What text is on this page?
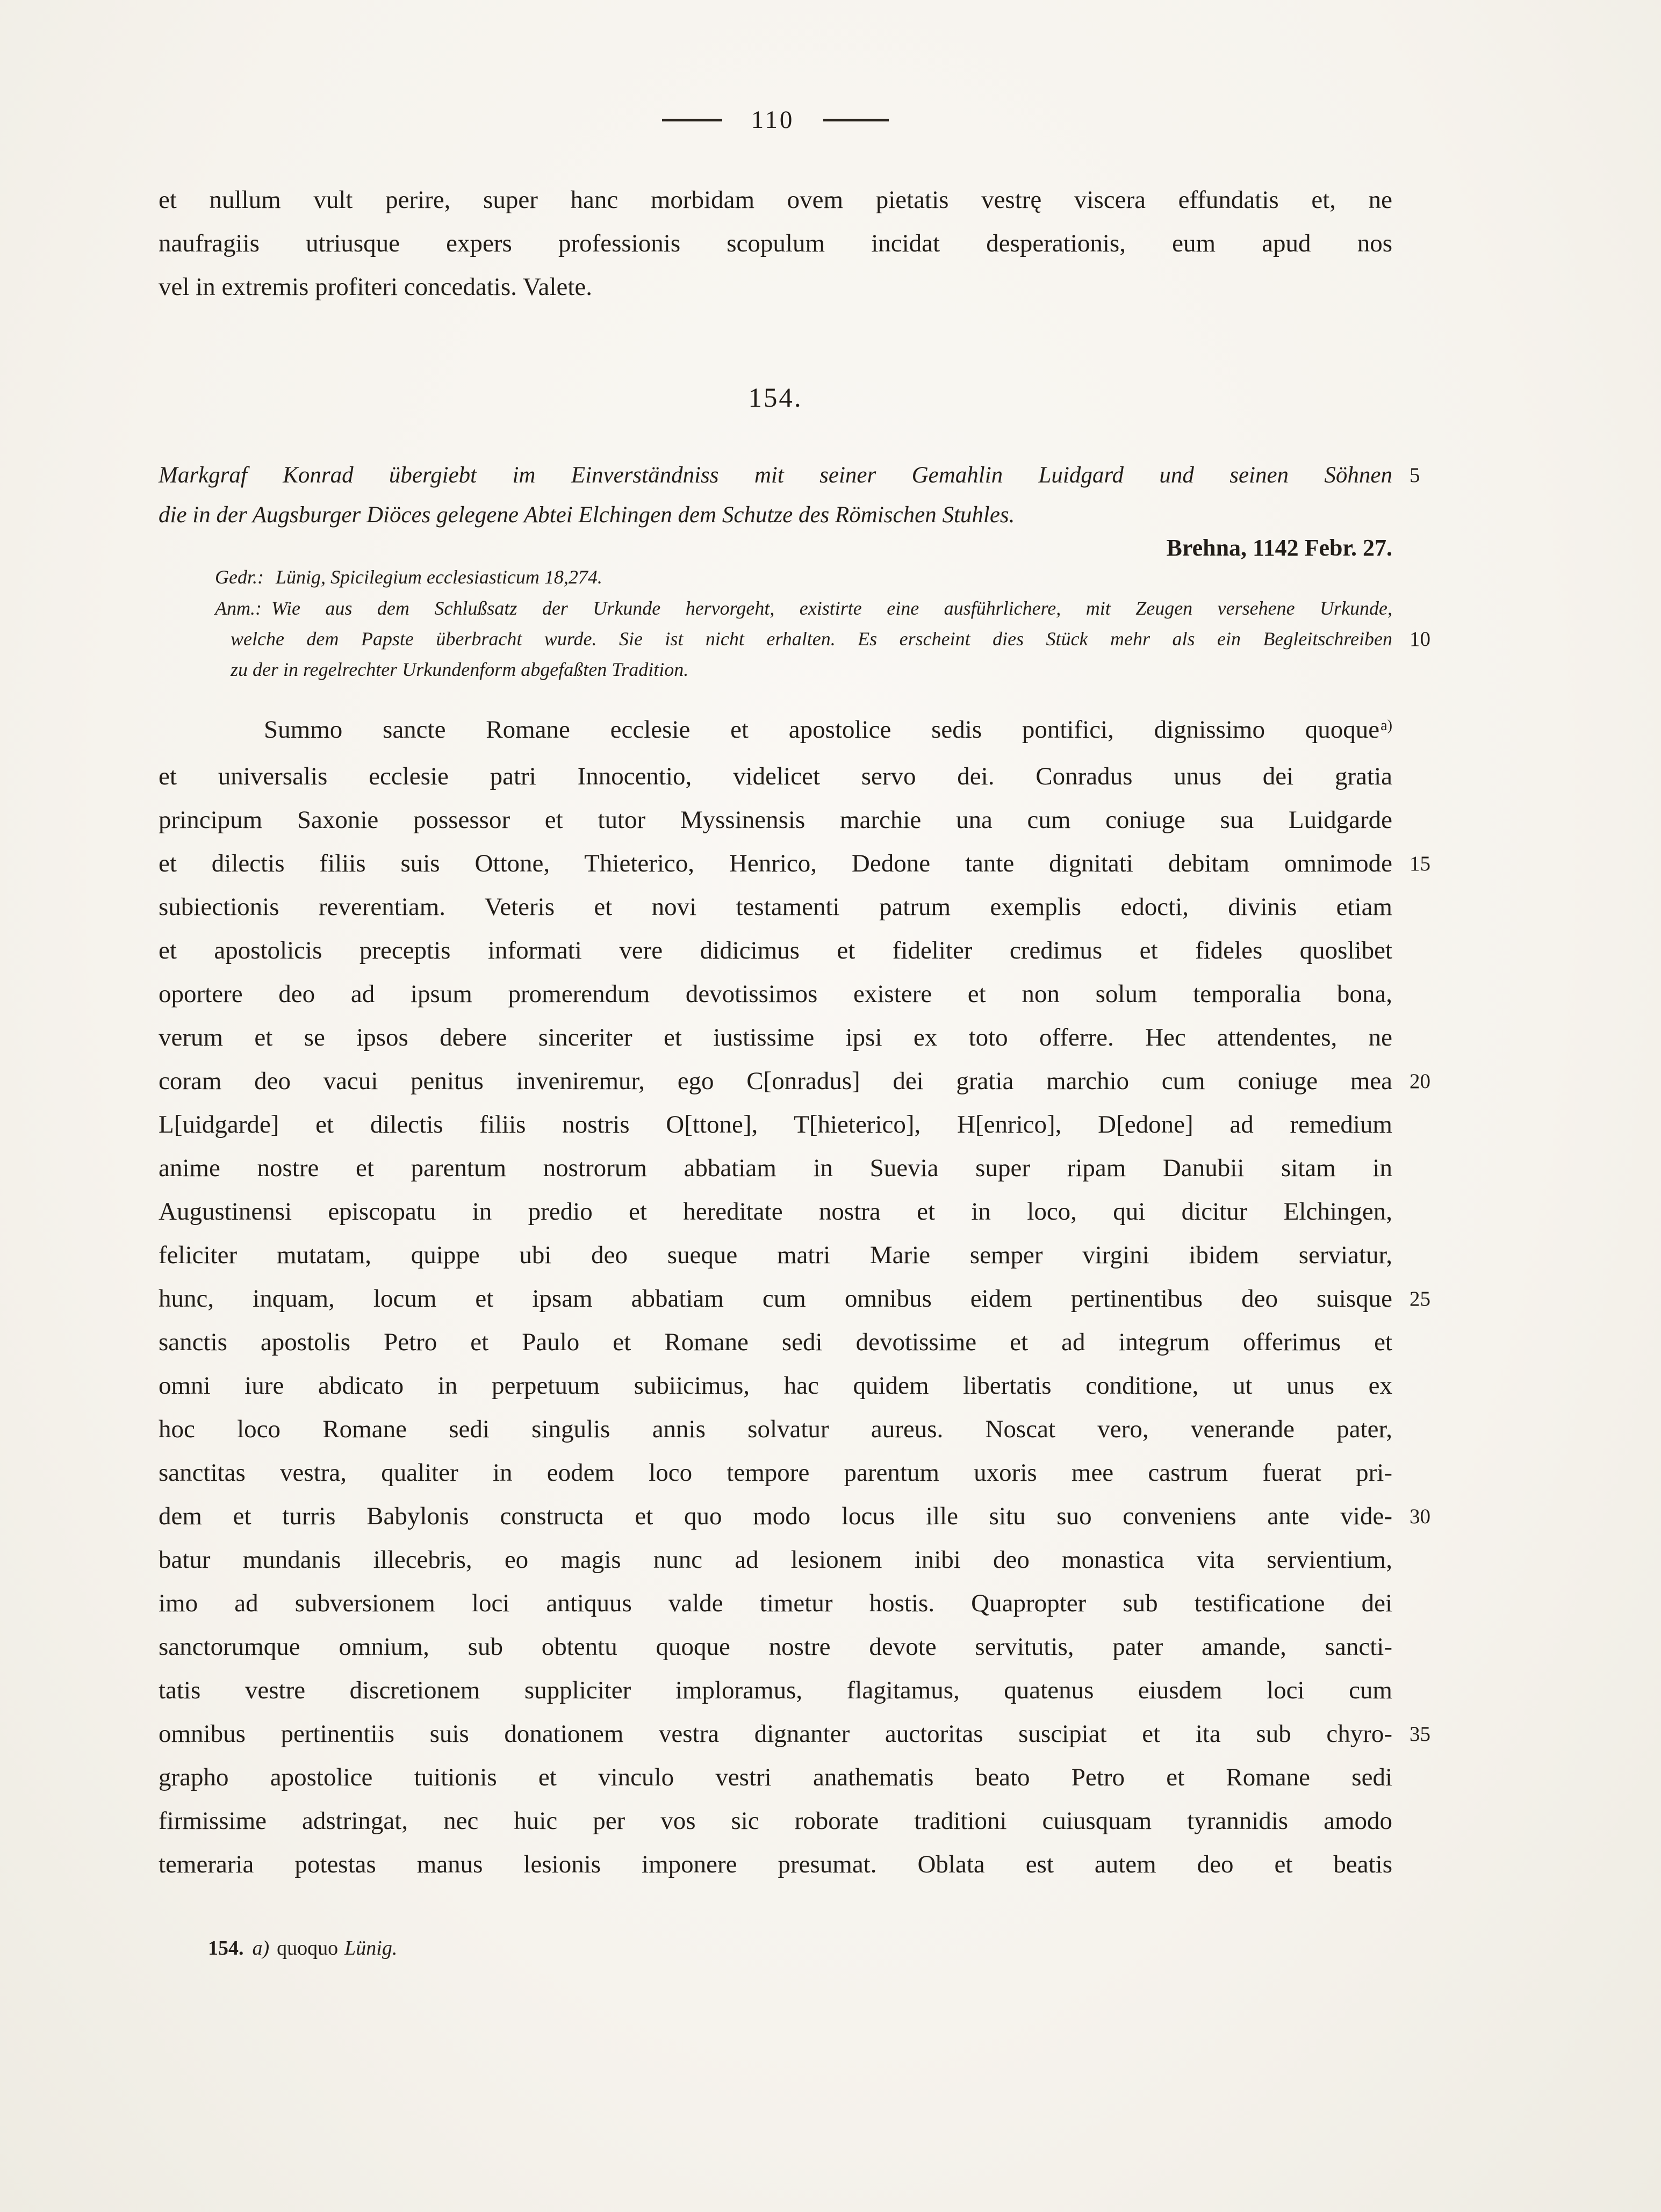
110
et nullum vult perire, super hanc morbidam ovem pietatis vestrę viscera effundatis et, ne
naufragiis utriusque expers professionis scopulum incidat desperationis, eum apud nos
vel in extremis profiteri concedatis. Valete.
154.
Markgraf Konrad übergiebt im Einverständniss mit seiner Gemahlin Luidgard und seinen Söhnen 5
die in der Augsburger Diöces gelegene Abtei Elchingen dem Schutze des Römischen Stuhles.
Brehna, 1142 Febr. 27.
Gedr.: Lünig, Spicilegium ecclesiasticum 18,274.
Anm.: Wie aus dem Schlußsatz der Urkunde hervorgeht, existirte eine ausführlichere, mit Zeugen versehene Urkunde,
welche dem Papste überbracht wurde. Sie ist nicht erhalten. Es erscheint dies Stück mehr als ein Begleitschreiben 10
zu der in regelrechter Urkundenform abgefaßten Tradition.
Summo sancte Romane ecclesie et apostolice sedis pontifici, dignissimo quoque$^{a)}$
et universalis ecclesie patri Innocentio, videlicet servo dei. Conradus unus dei gratia
principum Saxonie possessor et tutor Myssinensis marchie una cum coniuge sua Luidgarde
et dilectis filiis suis Ottone, Thieterico, Henrico, Dedone tante dignitati debitam omnimode 15
subiectionis reverentiam. Veteris et novi testamenti patrum exemplis edocti, divinis etiam
et apostolicis preceptis informati vere didicimus et fideliter credimus et fideles quoslibet
oportere deo ad ipsum promerendum devotissimos existere et non solum temporalia bona,
verum et se ipsos debere sinceriter et iustissime ipsi ex toto offerre. Hec attendentes, ne
coram deo vacui penitus inveniremur, ego C[onradus] dei gratia marchio cum coniuge mea 20
L[uidgarde] et dilectis filiis nostris O[ttone], T[hieterico], H[enrico], D[edone] ad remedium
anime nostre et parentum nostrorum abbatiam in Suevia super ripam Danubii sitam in
Augustinensi episcopatu in predio et hereditate nostra et in loco, qui dicitur Elchingen,
feliciter mutatam, quippe ubi deo sueque matri Marie semper virgini ibidem serviatur,
hunc, inquam, locum et ipsam abbatiam cum omnibus eidem pertinentibus deo suisque 25
sanctis apostolis Petro et Paulo et Romane sedi devotissime et ad integrum offerimus et
omni iure abdicato in perpetuum subiicimus, hac quidem libertatis conditione, ut unus ex
hoc loco Romane sedi singulis annis solvatur aureus. Noscat vero, venerande pater,
sanctitas vestra, qualiter in eodem loco tempore parentum uxoris mee castrum fuerat pri-
dem et turris Babylonis constructa et quo modo locus ille situ suo conveniens ante vide- 30
batur mundanis illecebris, eo magis nunc ad lesionem inibi deo monastica vita servientium,
imo ad subversionem loci antiquus valde timetur hostis. Quapropter sub testificatione dei
sanctorumque omnium, sub obtentu quoque nostre devote servitutis, pater amande, sancti-
tatis vestre discretionem suppliciter imploramus, flagitamus, quatenus eiusdem loci cum
omnibus pertinentiis suis donationem vestra dignanter auctoritas suscipiat et ita sub chyro- 35
grapho apostolice tuitionis et vinculo vestri anathematis beato Petro et Romane sedi
firmissime adstringat, nec huic per vos sic roborate traditioni cuiusquam tyrannidis amodo
temeraria potestas manus lesionis imponere presumat. Oblata est autem deo et beatis
154. a) quoquo Lünig.
